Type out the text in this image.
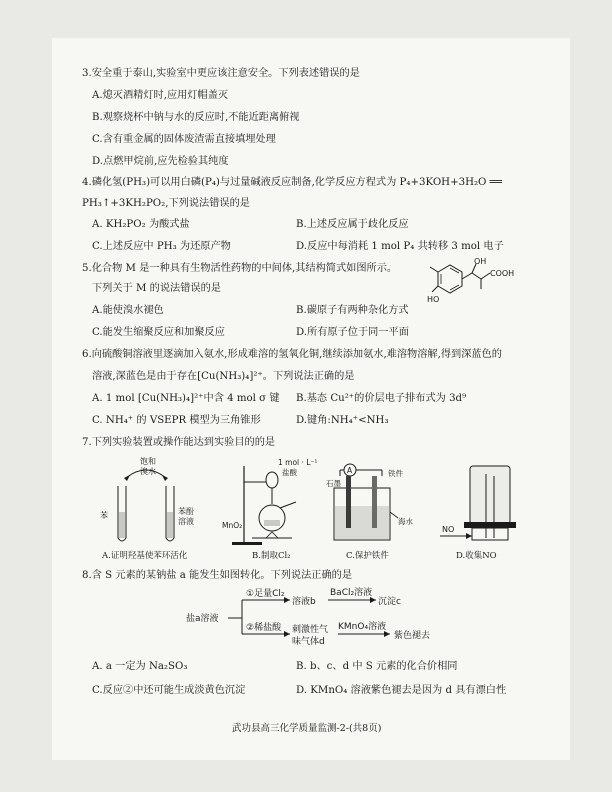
3.安全重于泰山,实验室中更应该注意安全。下列表述错误的是
A.熄灭酒精灯时,应用灯帽盖灭
B.观察烧杯中钠与水的反应时,不能近距离俯视
C.含有重金属的固体废渣需直接填埋处理
D.点燃甲烷前,应先检验其纯度
4.磷化氢(PH₃)可以用白磷(P₄)与过量碱液反应制备,化学反应方程式为 P₄+3KOH+3H₂O ══
PH₃↑+3KH₂PO₂,下列说法错误的是
A. KH₂PO₂ 为酸式盐	B.上述反应属于歧化反应
C.上述反应中 PH₃ 为还原产物	D.反应中每消耗 1 mol P₄ 共转移 3 mol 电子
5.化合物 M 是一种具有生物活性药物的中间体,其结构简式如图所示。
下列关于 M 的说法错误的是
A.能使溴水褪色	B.碳原子有两种杂化方式
C.能发生缩聚反应和加聚反应	D.所有原子位于同一平面
OH
COOH
HO
6.向硫酸铜溶液里逐滴加入氨水,形成难溶的氢氧化铜,继续添加氨水,难溶物溶解,得到深蓝色的
溶液,深蓝色是由于存在[Cu(NH₃)₄]²⁺。下列说法正确的是
A. 1 mol [Cu(NH₃)₄]²⁺中含 4 mol σ 键 B.基态 Cu²⁺的价层电子排布式为 3d⁹
C. NH₄⁺ 的 VSEPR 模型为三角锥形	D.键角:NH₄⁺<NH₃
7.下列实验装置或操作能达到实验目的的是
饱和
溴水
苯	苯酚
溶液
A.证明羟基使苯环活化
1 mol · L⁻¹
盐酸
MnO₂
B.制取Cl₂
A
石墨
铁件
海水
C.保护铁件
NO
D.收集NO
8.含 S 元素的某钠盐 a 能发生如图转化。下列说法正确的是
盐a溶液
①足量Cl₂
②稀盐酸
溶液b
BaCl₂溶液
沉淀c
刺激性气
味气体d
KMnO₄溶液
紫色褪去
A. a 一定为 Na₂SO₃	B. b、c、d 中 S 元素的化合价相同
C.反应②中还可能生成淡黄色沉淀	D. KMnO₄ 溶液紫色褪去是因为 d 具有漂白性
武功县高三化学质量监测-2-(共8页)
